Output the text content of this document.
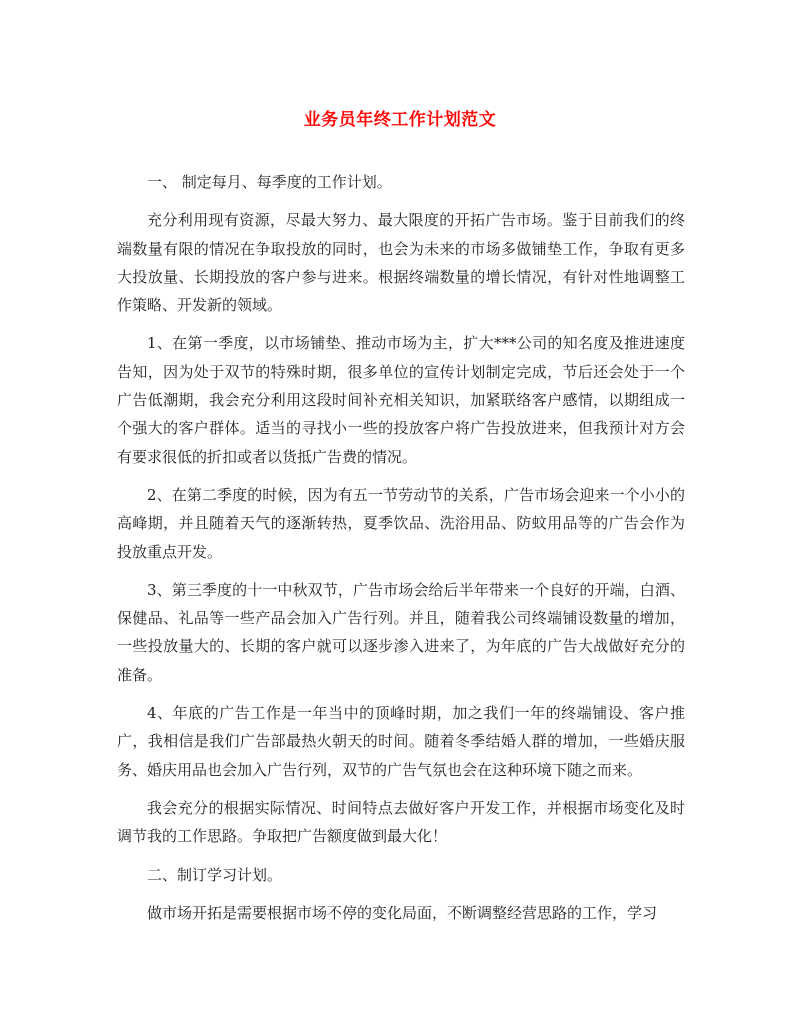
业务员年终工作计划范文

一、 制定每月、每季度的工作计划。

充分利用现有资源，尽最大努力、最大限度的开拓广告市场。鉴于目前我们的终端数量有限的情况在争取投放的同时，也会为未来的市场多做铺垫工作，争取有更多大投放量、长期投放的客户参与进来。根据终端数量的增长情况，有针对性地调整工作策略、开发新的领域。

1、在第一季度，以市场铺垫、推动市场为主，扩大***公司的知名度及推进速度告知，因为处于双节的特殊时期，很多单位的宣传计划制定完成，节后还会处于一个广告低潮期，我会充分利用这段时间补充相关知识，加紧联络客户感情，以期组成一个强大的客户群体。适当的寻找小一些的投放客户将广告投放进来，但我预计对方会有要求很低的折扣或者以货抵广告费的情况。

2、在第二季度的时候，因为有五一节劳动节的关系，广告市场会迎来一个小小的高峰期，并且随着天气的逐渐转热，夏季饮品、洗浴用品、防蚊用品等的广告会作为投放重点开发。

3、第三季度的十一中秋双节，广告市场会给后半年带来一个良好的开端，白酒、保健品、礼品等一些产品会加入广告行列。并且，随着我公司终端铺设数量的增加，一些投放量大的、长期的客户就可以逐步渗入进来了，为年底的广告大战做好充分的准备。

4、年底的广告工作是一年当中的顶峰时期，加之我们一年的终端铺设、客户推广，我相信是我们广告部最热火朝天的时间。随着冬季结婚人群的增加，一些婚庆服务、婚庆用品也会加入广告行列，双节的广告气氛也会在这种环境下随之而来。

我会充分的根据实际情况、时间特点去做好客户开发工作，并根据市场变化及时调节我的工作思路。争取把广告额度做到最大化！

二、制订学习计划。

做市场开拓是需要根据市场不停的变化局面，不断调整经营思路的工作，学习
